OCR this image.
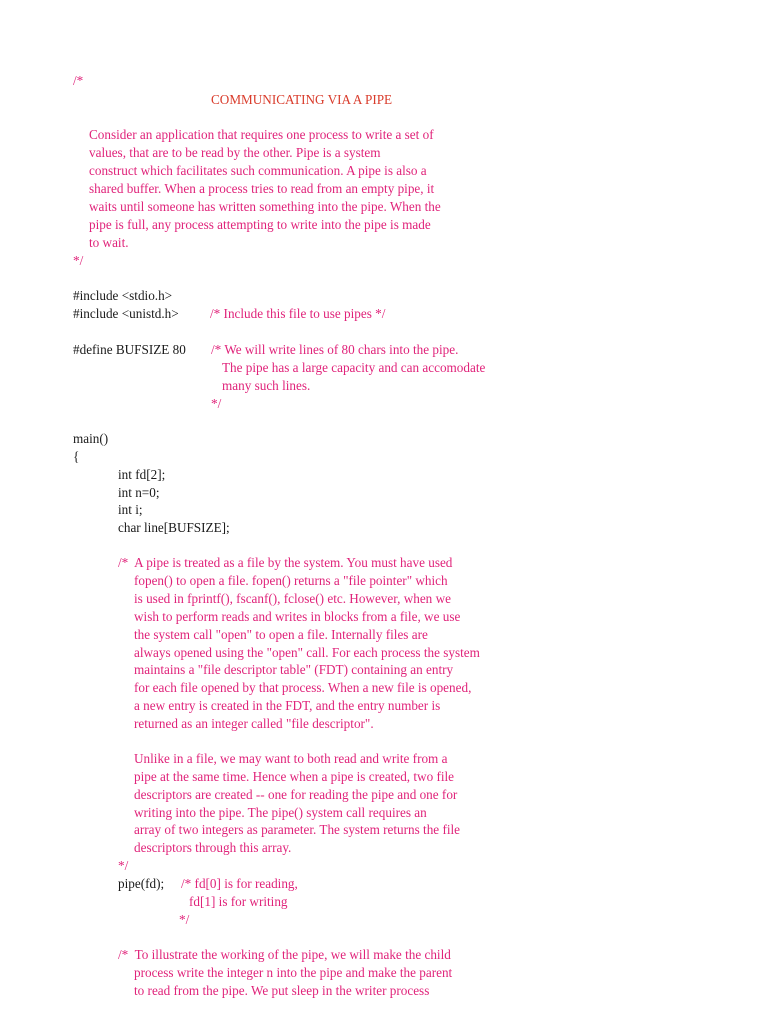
/*

COMMUNICATING VIA A PIPE

Consider an application that requires one process to write a set of

values, that are to be read by the other. Pipe is a system

construct which facilitates such communication. A pipe is also a

shared buffer. When a process tries to read from an empty pipe, it

waits until someone has written something into the pipe. When the

pipe is full, any process attempting to write into the pipe is made

to wait.

*/

#include <stdio.h>

#include <unistd.h> /* Include this file to use pipes */

#define BUFSIZE 80 /* We will write lines of 80 chars into the pipe.

The pipe has a large capacity and can accomodate

many such lines.

*/

main()

{

int fd[2];

int n=0;

int i;

char line[BUFSIZE];

/*  A pipe is treated as a file by the system. You must have used

fopen() to open a file. fopen() returns a "file pointer" which

is used in fprintf(), fscanf(), fclose() etc. However, when we

wish to perform reads and writes in blocks from a file, we use

the system call "open" to open a file. Internally files are

always opened using the "open" call. For each process the system

maintains a "file descriptor table" (FDT) containing an entry

for each file opened by that process. When a new file is opened,

a new entry is created in the FDT, and the entry number is

returned as an integer called "file descriptor".

Unlike in a file, we may want to both read and write from a

pipe at the same time. Hence when a pipe is created, two file

descriptors are created -- one for reading the pipe and one for

writing into the pipe. The pipe() system call requires an

array of two integers as parameter. The system returns the file

descriptors through this array.

*/

pipe(fd); /* fd[0] is for reading,

fd[1] is for writing

*/

/*  To illustrate the working of the pipe, we will make the child

process write the integer n into the pipe and make the parent

to read from the pipe. We put sleep in the writer process
